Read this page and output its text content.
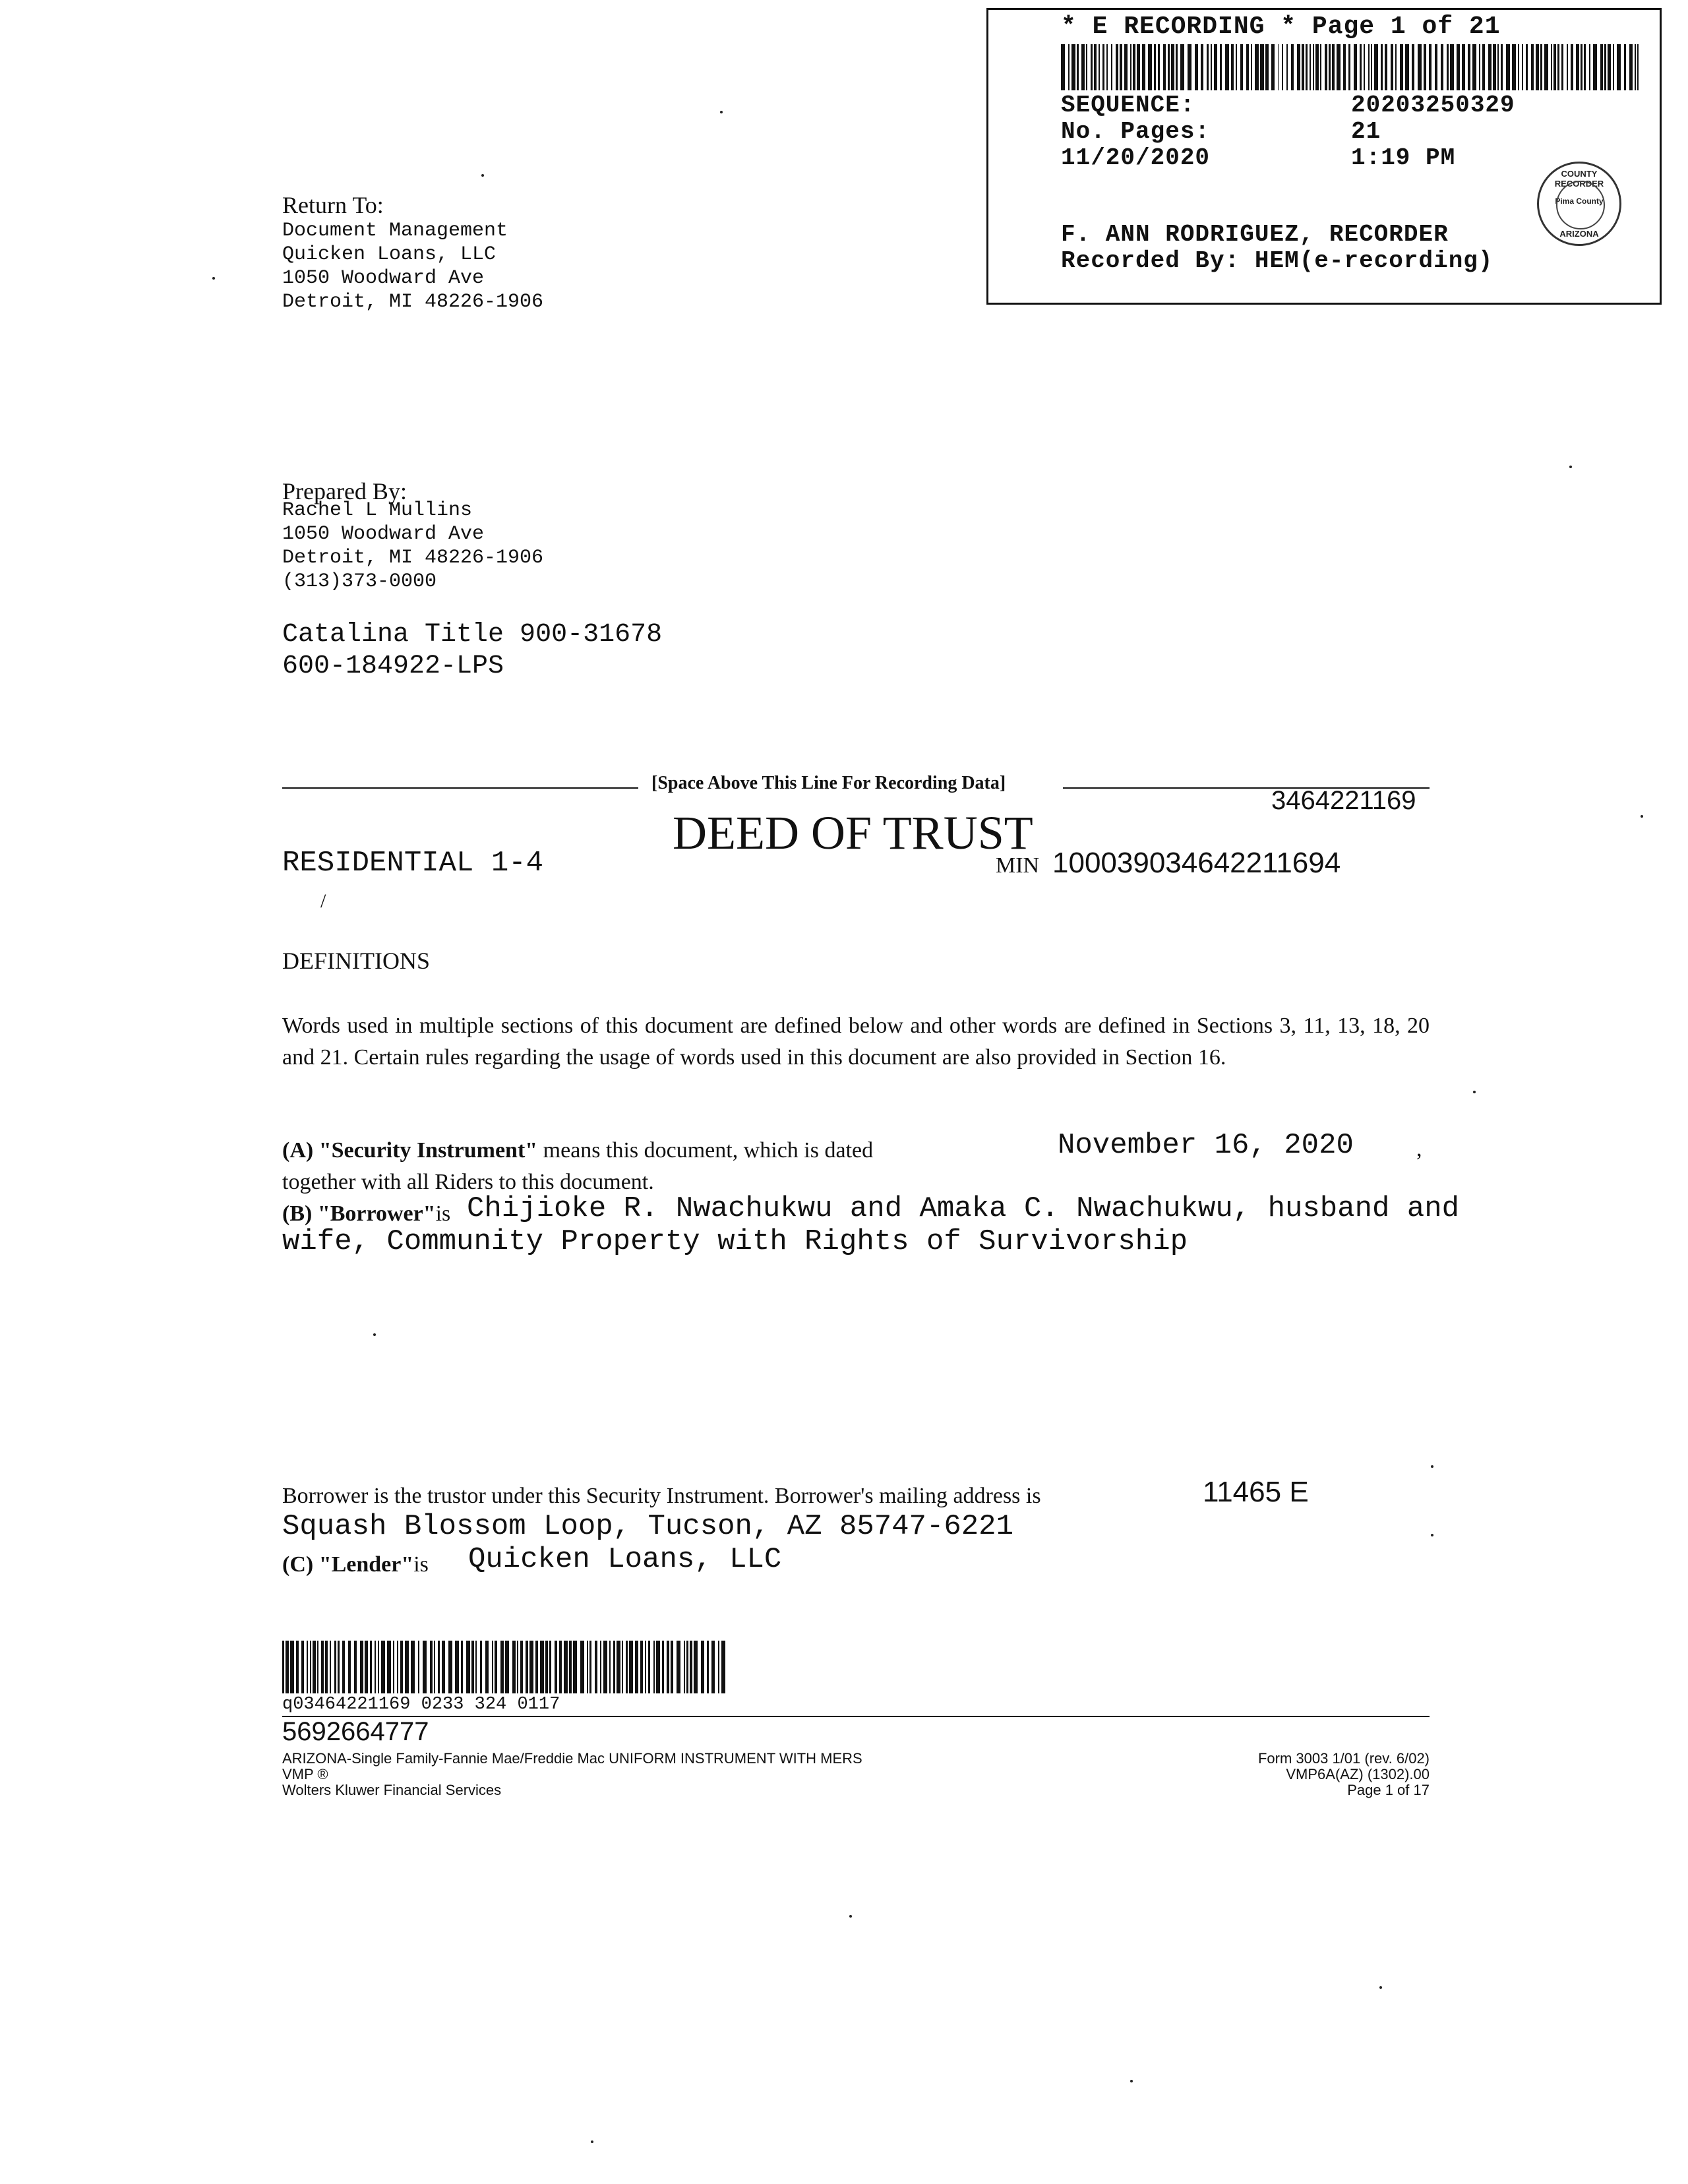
* E RECORDING * Page 1 of 21
SEQUENCE:	20203250329
No. Pages:	21
11/20/2020	1:19 PM
F. ANN RODRIGUEZ, RECORDER
Recorded By: HEM(e-recording)
COUNTY RECORDER
Pima County
ARIZONA
Return To:
Document Management
Quicken Loans, LLC
1050 Woodward Ave
Detroit, MI 48226-1906
Prepared By:
Rachel L Mullins
1050 Woodward Ave
Detroit, MI 48226-1906
(313)373-0000
Catalina Title 900-31678
600-184922-LPS
[Space Above This Line For Recording Data]
3464221169
DEED OF TRUST
RESIDENTIAL 1-4	MIN 100039034642211694
/
DEFINITIONS
Words used in multiple sections of this document are defined below and other words are defined in Sections 3, 11, 13, 18, 20 and 21. Certain rules regarding the usage of words used in this document are also provided in Section 16.
(A) "Security Instrument" means this document, which is dated	November 16, 2020	,
together with all Riders to this document.
(B) "Borrower"is Chijioke R. Nwachukwu and Amaka C. Nwachukwu, husband and
wife, Community Property with Rights of Survivorship
Borrower is the trustor under this Security Instrument. Borrower's mailing address is	11465 E
Squash Blossom Loop, Tucson, AZ 85747-6221
(C) "Lender"is Quicken Loans, LLC
q03464221169 0233 324 0117
5692664777
ARIZONA-Single Family-Fannie Mae/Freddie Mac UNIFORM INSTRUMENT WITH MERS
VMP ®
Wolters Kluwer Financial Services
Form 3003 1/01 (rev. 6/02)
VMP6A(AZ) (1302).00
Page 1 of 17
